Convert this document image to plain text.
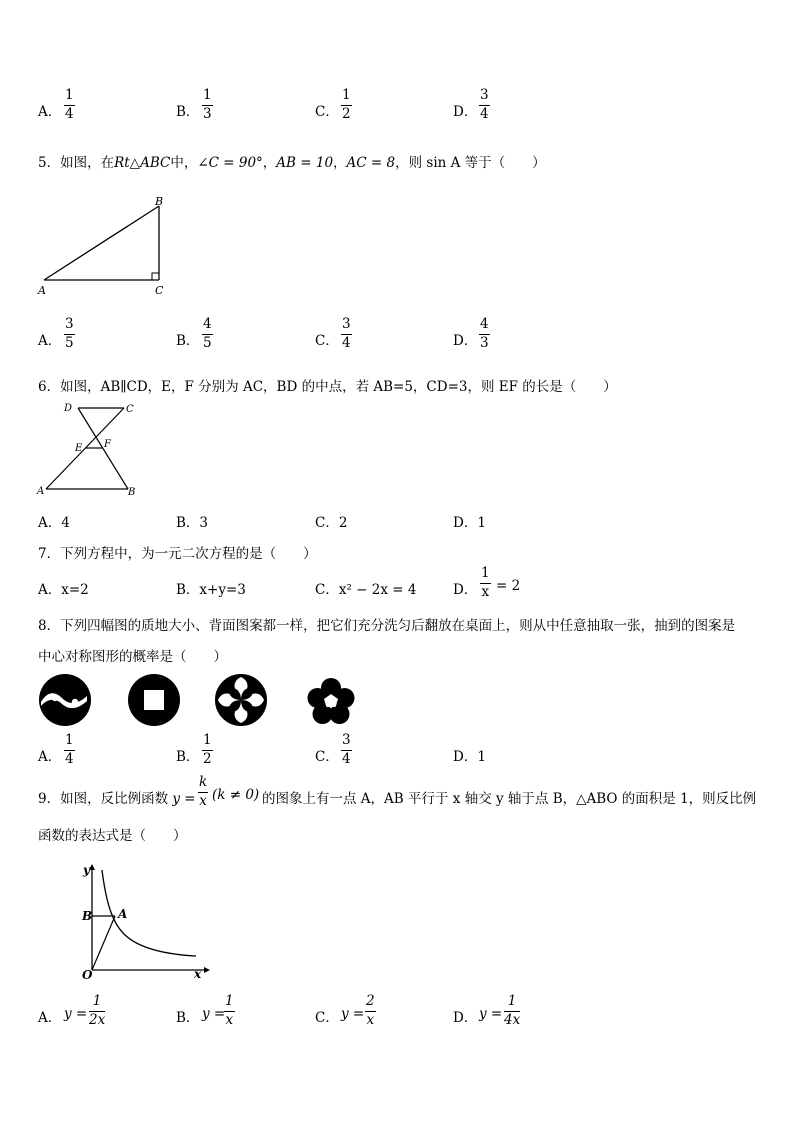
A．
1
4	B．
1
3	C．
1
2	D．
3
4
5．如图，在Rt△ABC中，∠C = 90°，AB = 10，AC = 8，则 sin A 等于（　　）
A
B
C
A．
3
5	B．
4
5	C．
3
4	D．
4
3
6．如图，AB∥CD，E，F 分别为 AC，BD 的中点，若 AB=5，CD=3，则 EF 的长是（　　）
D	C
E F
A	B
A．4	B．3	C．2	D．1
7．下列方程中，为一元二次方程的是（　　）
A．x=2	B．x+y=3	C．x² − 2x = 4	D．
1
x = 2
8．下列四幅图的质地大小、背面图案都一样，把它们充分洗匀后翻放在桌面上，则从中任意抽取一张，抽到的图案是
中心对称图形的概率是（　　）
A．
1
4	B．
1
2	C．
3
4	D．1
9．如图，反比例函数 y =
k
x (k ≠ 0) 的图象上有一点 A，AB 平行于 x 轴交 y 轴于点 B，△ABO 的面积是 1，则反比例
函数的表达式是（　　）
y
x
B A
O
A． y =
1
2x	B． y =
1
x	C． y =
2
x	D． y =
1
4x
